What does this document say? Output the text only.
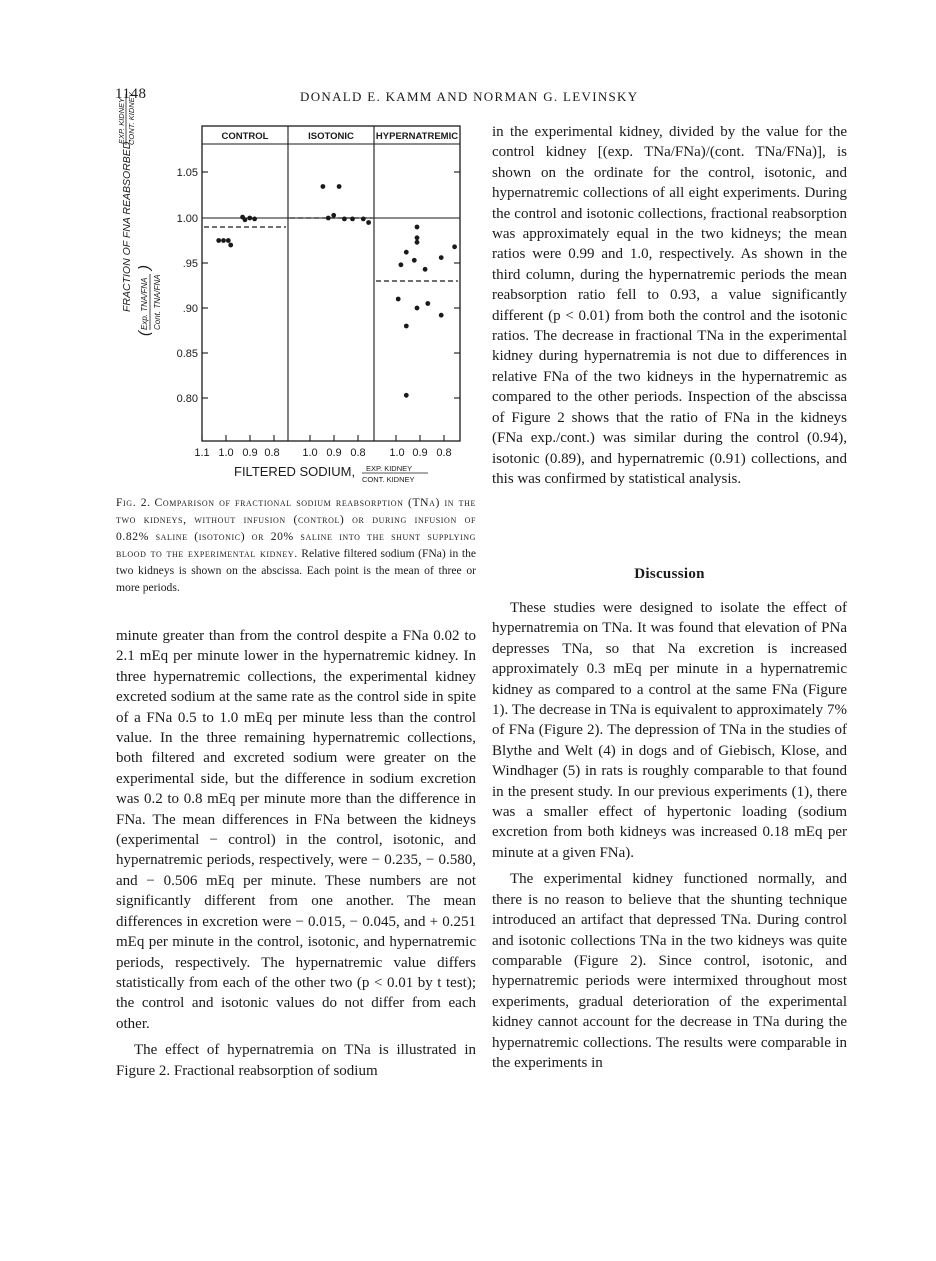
1148	DONALD E. KAMM AND NORMAN G. LEVINSKY
CONTROL	ISOTONIC HYPERNATREMIC
1.05
1.00
.95
.90
0.85
0.80
FRACTION OF FNA REABSORBED,
EXP. KIDNEY CONT. KIDNEY
(
Exp. TNA/FNA Cont. TNA/FNA
)
1.1 1.0 0.9 0.8 1.0 0.9 0.8 1.0 0.9 0.8
FILTERED SODIUM, EXP. KIDNEY
CONT. KIDNEY
Fig. 2. Comparison of fractional sodium reabsorption (TNa) in the two kidneys, without infusion (control) or during infusion of 0.82% saline (isotonic) or 20% saline into the shunt supplying blood to the experimental kidney. Relative filtered sodium (FNa) in the two kidneys is shown on the abscissa. Each point is the mean of three or more periods.

minute greater than from the control despite a FNa 0.02 to 2.1 mEq per minute lower in the hypernatremic kidney. In three hypernatremic collections, the experimental kidney excreted sodium at the same rate as the control side in spite of a FNa 0.5 to 1.0 mEq per minute less than the control value. In the three remaining hypernatremic collections, both filtered and excreted sodium were greater on the experimental side, but the difference in sodium excretion was 0.2 to 0.8 mEq per minute more than the difference in FNa. The mean differences in FNa between the kidneys (experimental − control) in the control, isotonic, and hypernatremic periods, respectively, were − 0.235, − 0.580, and − 0.506 mEq per minute. These numbers are not significantly different from one another. The mean differences in excretion were − 0.015, − 0.045, and + 0.251 mEq per minute in the control, isotonic, and hypernatremic periods, respectively. The hypernatremic value differs statistically from each of the other two (p < 0.01 by t test); the control and isotonic values do not differ from each other.

The effect of hypernatremia on TNa is illustrated in Figure 2. Fractional reabsorption of sodium

in the experimental kidney, divided by the value for the control kidney [(exp. TNa/FNa)/(cont. TNa/FNa)], is shown on the ordinate for the control, isotonic, and hypernatremic collections of all eight experiments. During the control and isotonic collections, fractional reabsorption was approximately equal in the two kidneys; the mean ratios were 0.99 and 1.0, respectively. As shown in the third column, during the hypernatremic periods the mean reabsorption ratio fell to 0.93, a value significantly different (p < 0.01) from both the control and the isotonic ratios. The decrease in fractional TNa in the experimental kidney during hypernatremia is not due to differences in relative FNa of the two kidneys in the hypernatremic as compared to the other periods. Inspection of the abscissa of Figure 2 shows that the ratio of FNa in the kidneys (FNa exp./cont.) was similar during the control (0.94), isotonic (0.89), and hypernatremic (0.91) collections, and this was confirmed by statistical analysis.

Discussion

These studies were designed to isolate the effect of hypernatremia on TNa. It was found that elevation of PNa depresses TNa, so that Na excretion is increased approximately 0.3 mEq per minute in a hypernatremic kidney as compared to a control at the same FNa (Figure 1). The decrease in TNa is equivalent to approximately 7% of FNa (Figure 2). The depression of TNa in the studies of Blythe and Welt (4) in dogs and of Giebisch, Klose, and Windhager (5) in rats is roughly comparable to that found in the present study. In our previous experiments (1), there was a smaller effect of hypertonic loading (sodium excretion from both kidneys was increased 0.18 mEq per minute at a given FNa).

The experimental kidney functioned normally, and there is no reason to believe that the shunting technique introduced an artifact that depressed TNa. During control and isotonic collections TNa in the two kidneys was quite comparable (Figure 2). Since control, isotonic, and hypernatremic periods were intermixed throughout most experiments, gradual deterioration of the experimental kidney cannot account for the decrease in TNa during the hypernatremic collections. The results were comparable in the experiments in
